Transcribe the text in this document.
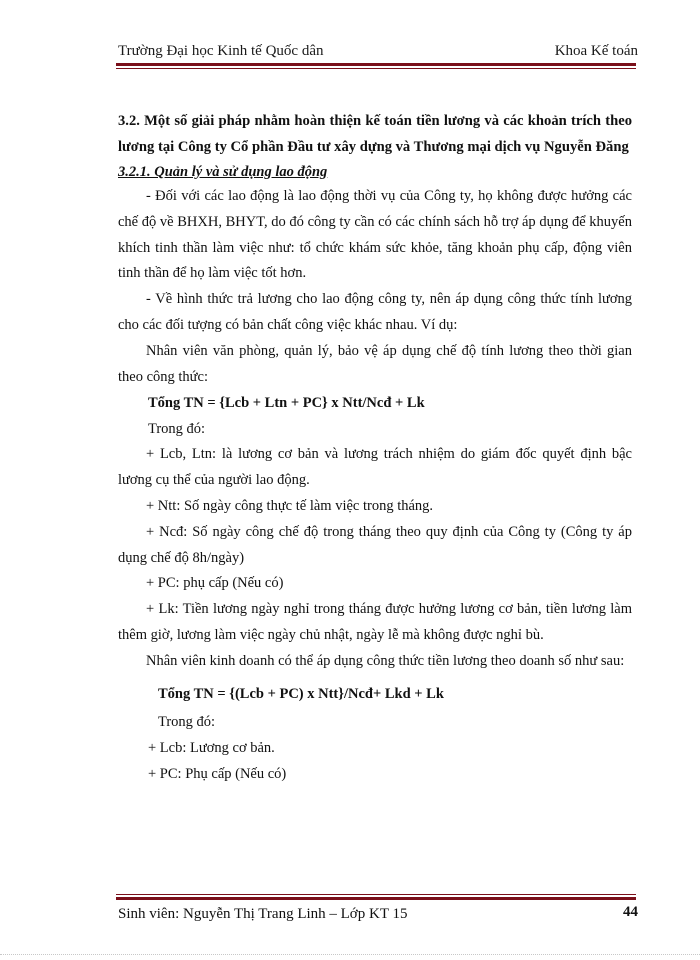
Trường Đại học Kinh tế Quốc dân	Khoa Kế toán

3.2. Một số giải pháp nhằm hoàn thiện kế toán tiền lương và các khoản trích theo lương tại Công ty Cổ phần Đầu tư xây dựng và Thương mại dịch vụ Nguyễn Đăng

3.2.1. Quản lý và sử dụng lao động

- Đối với các lao động là lao động thời vụ của Công ty, họ không được hưởng các chế độ về BHXH, BHYT, do đó công ty cần có các chính sách hỗ trợ áp dụng để khuyến khích tinh thần làm việc như: tổ chức khám sức khỏe, tăng khoản phụ cấp, động viên tinh thần để họ làm việc tốt hơn.

- Về hình thức trả lương cho lao động công ty, nên áp dụng công thức tính lương cho các đối tượng có bản chất công việc khác nhau. Ví dụ:

Nhân viên văn phòng, quản lý, bảo vệ áp dụng chế độ tính lương theo thời gian theo công thức:

Tổng TN = {Lcb + Ltn + PC} x Ntt/Ncđ + Lk

Trong đó:

+ Lcb, Ltn: là lương cơ bản và lương trách nhiệm do giám đốc quyết định bậc lương cụ thể của người lao động.

+ Ntt: Số ngày công thực tế làm việc trong tháng.

+ Ncđ: Số ngày công chế độ trong tháng theo quy định của Công ty (Công ty áp dụng chế độ 8h/ngày)

+ PC: phụ cấp (Nếu có)

+ Lk: Tiền lương ngày nghỉ trong tháng được hưởng lương cơ bản, tiền lương làm thêm giờ, lương làm việc ngày chủ nhật, ngày lễ mà không được nghỉ bù.

Nhân viên kinh doanh có thể áp dụng công thức tiền lương theo doanh số như sau:

Tổng TN = {(Lcb + PC) x Ntt}/Ncđ+ Lkd + Lk

Trong đó:

+ Lcb: Lương cơ bản.

+ PC: Phụ cấp (Nếu có)

Sinh viên: Nguyễn Thị Trang Linh – Lớp KT 15	44
